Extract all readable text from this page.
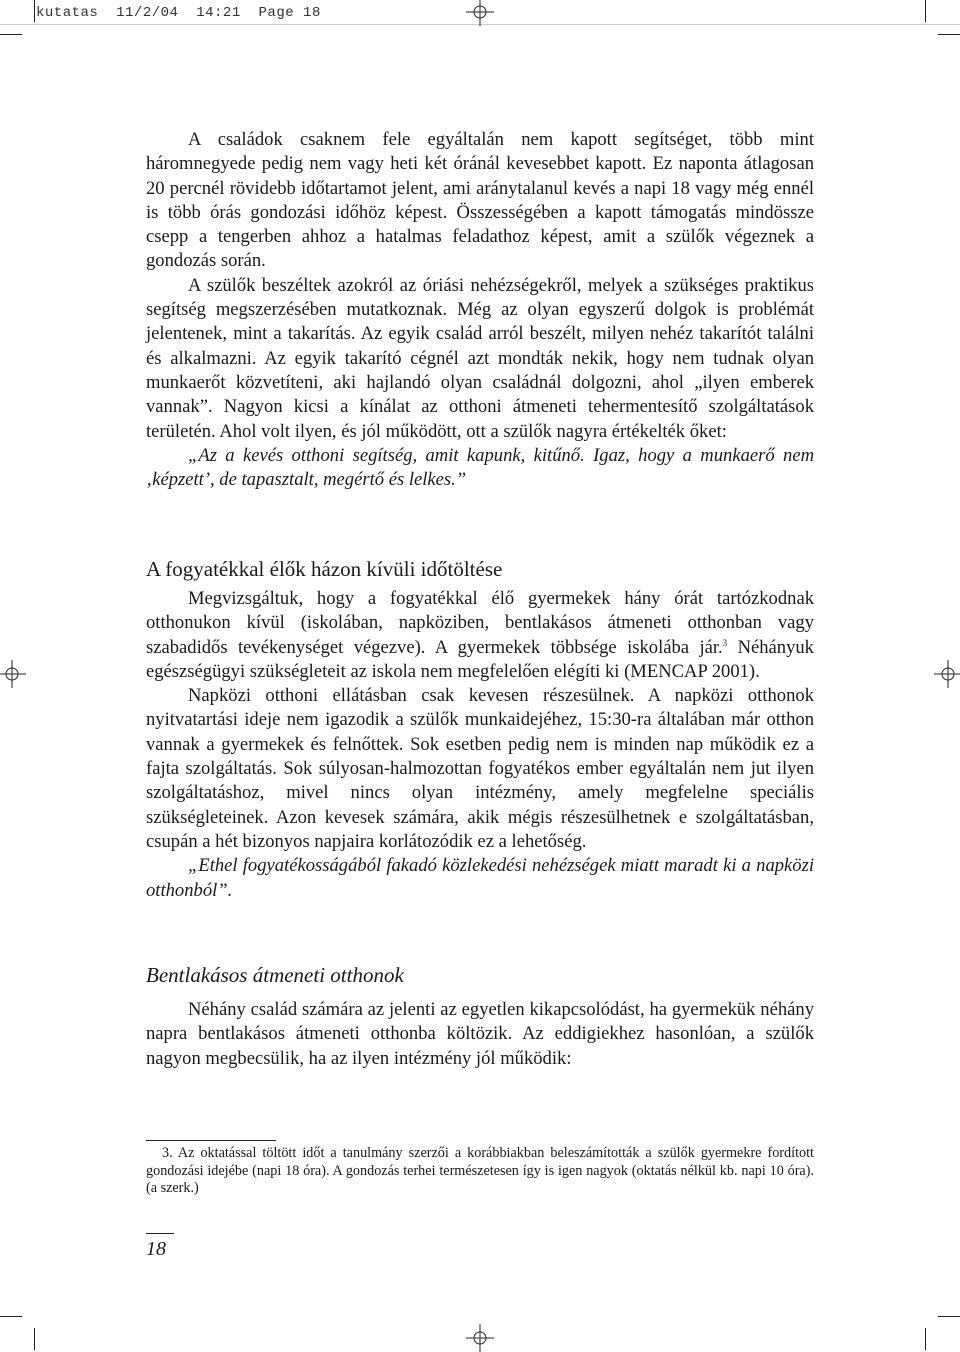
kutatas  11/2/04  14:21  Page 18

A családok csaknem fele egyáltalán nem kapott segítséget, több mint háromnegyede pedig nem vagy heti két óránál kevesebbet kapott. Ez naponta átlagosan 20 percnél rövidebb időtartamot jelent, ami aránytalanul kevés a napi 18 vagy még ennél is több órás gondozási időhöz képest. Összességében a kapott támogatás mindössze csepp a tengerben ahhoz a hatalmas feladathoz képest, amit a szülők végeznek a gondozás során.

A szülők beszéltek azokról az óriási nehézségekről, melyek a szükséges praktikus segítség megszerzésében mutatkoznak. Még az olyan egyszerű dolgok is problémát jelentenek, mint a takarítás. Az egyik család arról beszélt, milyen nehéz takarítót találni és alkalmazni. Az egyik takarító cégnél azt mondták nekik, hogy nem tudnak olyan munkaerőt közvetíteni, aki hajlandó olyan családnál dolgozni, ahol „ilyen emberek vannak”. Nagyon kicsi a kínálat az otthoni átmeneti tehermentesítő szolgáltatások területén. Ahol volt ilyen, és jól működött, ott a szülők nagyra értékelték őket:

„Az a kevés otthoni segítség, amit kapunk, kitűnő. Igaz, hogy a munkaerő nem ‚képzett’, de tapasztalt, megértő és lelkes.”

A fogyatékkal élők házon kívüli időtöltése

Megvizsgáltuk, hogy a fogyatékkal élő gyermekek hány órát tartózkodnak otthonukon kívül (iskolában, napköziben, bentlakásos átmeneti otthonban vagy szabadidős tevékenységet végezve). A gyermekek többsége iskolába jár.$^3$ Néhányuk egészségügyi szükségleteit az iskola nem megfelelően elégíti ki (MENCAP 2001).

Napközi otthoni ellátásban csak kevesen részesülnek. A napközi otthonok nyitvatartási ideje nem igazodik a szülők munkaidejéhez, 15:30-ra általában már otthon vannak a gyermekek és felnőttek. Sok esetben pedig nem is minden nap működik ez a fajta szolgáltatás. Sok súlyosan-halmozottan fogyatékos ember egyáltalán nem jut ilyen szolgáltatáshoz, mivel nincs olyan intézmény, amely megfelelne speciális szükségleteinek. Azon kevesek számára, akik mégis részesülhetnek e szolgáltatásban, csupán a hét bizonyos napjaira korlátozódik ez a lehetőség.

„Ethel fogyatékosságából fakadó közlekedési nehézségek miatt maradt ki a napközi otthonból”.

Bentlakásos átmeneti otthonok

Néhány család számára az jelenti az egyetlen kikapcsolódást, ha gyermekük néhány napra bentlakásos átmeneti otthonba költözik. Az eddigiekhez hasonlóan, a szülők nagyon megbecsülik, ha az ilyen intézmény jól működik:

3. Az oktatással töltött időt a tanulmány szerzői a korábbiakban beleszámították a szülők gyermekre fordított gondozási idejébe (napi 18 óra). A gondozás terhei természetesen így is igen nagyok (oktatás nélkül kb. napi 10 óra). (a szerk.)

18
